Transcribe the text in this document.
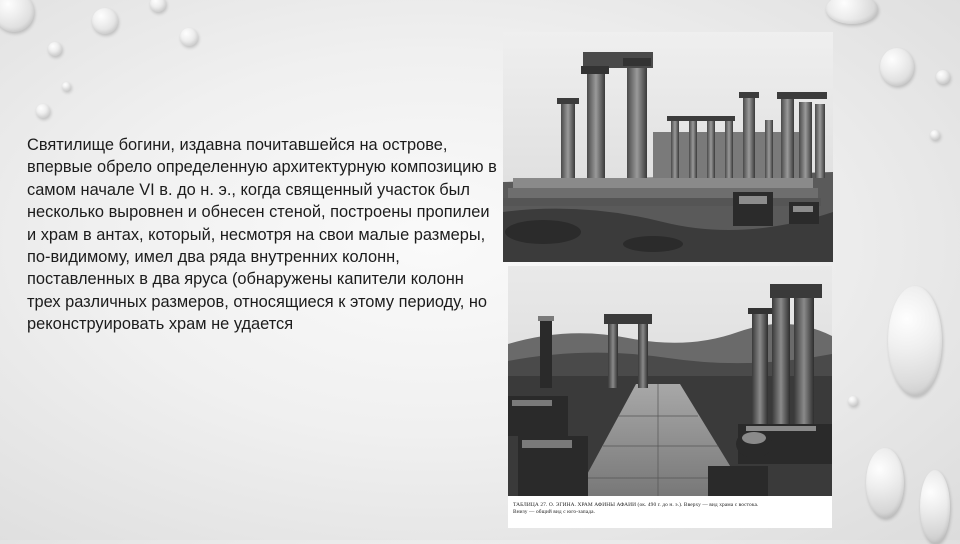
Святилище богини, издавна почитавшейся на острове, впервые обрело определенную архитектурную композицию в самом начале VI в. до н. э., когда священный участок был несколько выровнен и обнесен стеной, построены пропилеи и храм в антах, который, несмотря на свои малые размеры, по-видимому, имел два ряда внутренних колонн, поставленных в два яруса (обнаружены капители колонн трех различных размеров, относящиеся к этому периоду, но реконструировать храм не удается
ТАБЛИЦА 27. О. ЭГИНА. ХРАМ АФИНЫ АФАИИ (ок. 490 г. до н. э.). Вверху — вид храма с востока.
Внизу — общий вид с юго-запада.
